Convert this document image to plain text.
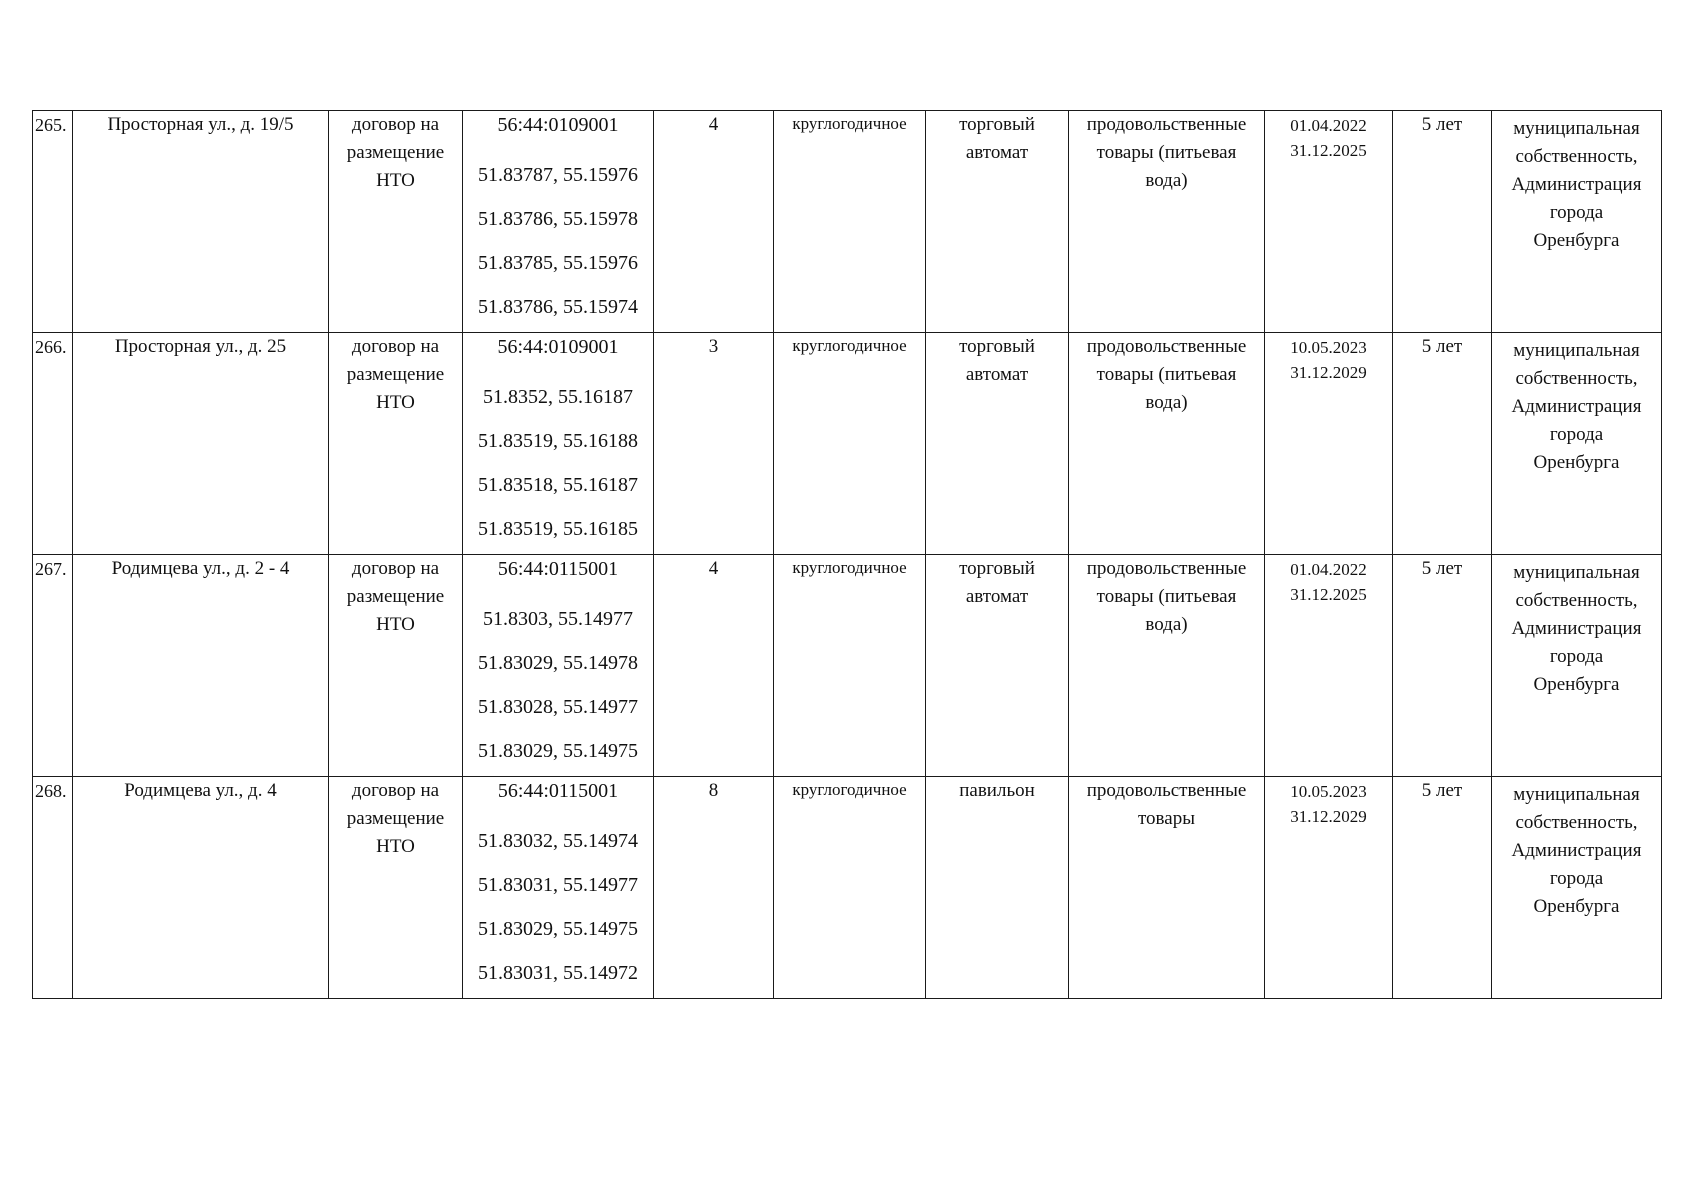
265.	Просторная ул., д. 19/5	договор на
размещение
НТО	56:44:0109001
51.83787, 55.15976
51.83786, 55.15978
51.83785, 55.15976
51.83786, 55.15974	4	круглогодичное	торговый
автомат	продовольственные
товары (питьевая
вода)	01.04.2022
31.12.2025	5 лет	муниципальная
собственность,
Администрация
города
Оренбурга

266.	Просторная ул., д. 25	договор на
размещение
НТО	56:44:0109001
51.8352, 55.16187
51.83519, 55.16188
51.83518, 55.16187
51.83519, 55.16185	3	круглогодичное	торговый
автомат	продовольственные
товары (питьевая
вода)	10.05.2023
31.12.2029	5 лет	муниципальная
собственность,
Администрация
города
Оренбурга

267.	Родимцева ул., д. 2 - 4	договор на
размещение
НТО	56:44:0115001
51.8303, 55.14977
51.83029, 55.14978
51.83028, 55.14977
51.83029, 55.14975	4	круглогодичное	торговый
автомат	продовольственные
товары (питьевая
вода)	01.04.2022
31.12.2025	5 лет	муниципальная
собственность,
Администрация
города
Оренбурга

268.	Родимцева ул., д. 4	договор на
размещение
НТО	56:44:0115001
51.83032, 55.14974
51.83031, 55.14977
51.83029, 55.14975
51.83031, 55.14972	8	круглогодичное	павильон	продовольственные
товары	10.05.2023
31.12.2029	5 лет	муниципальная
собственность,
Администрация
города
Оренбурга
